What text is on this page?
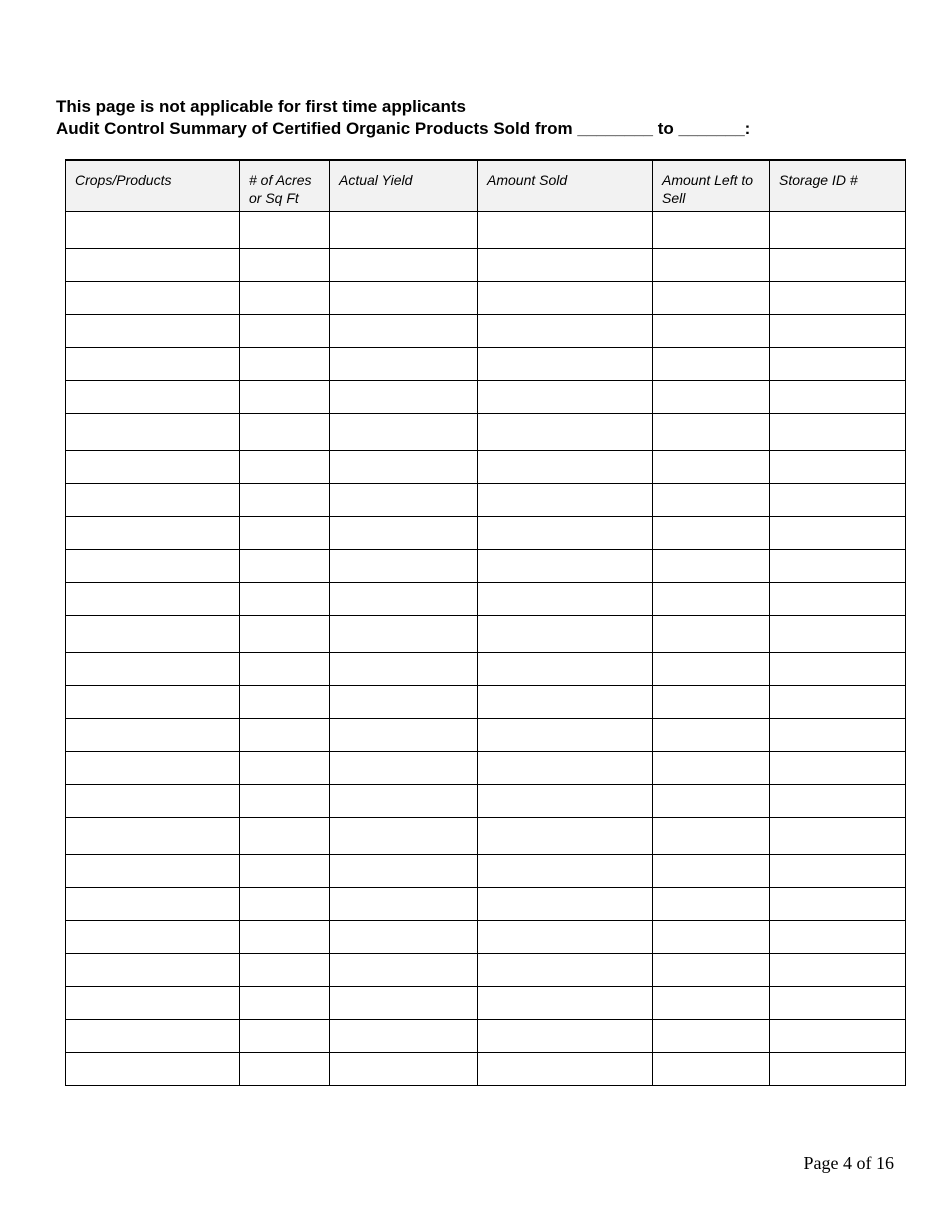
This page is not applicable for first time applicants
Audit Control Summary of Certified Organic Products Sold from ________ to _______:
Crops/Products	# of Acres or Sq Ft	Actual Yield	Amount Sold	Amount Left to Sell	Storage ID #

Page 4 of 16
